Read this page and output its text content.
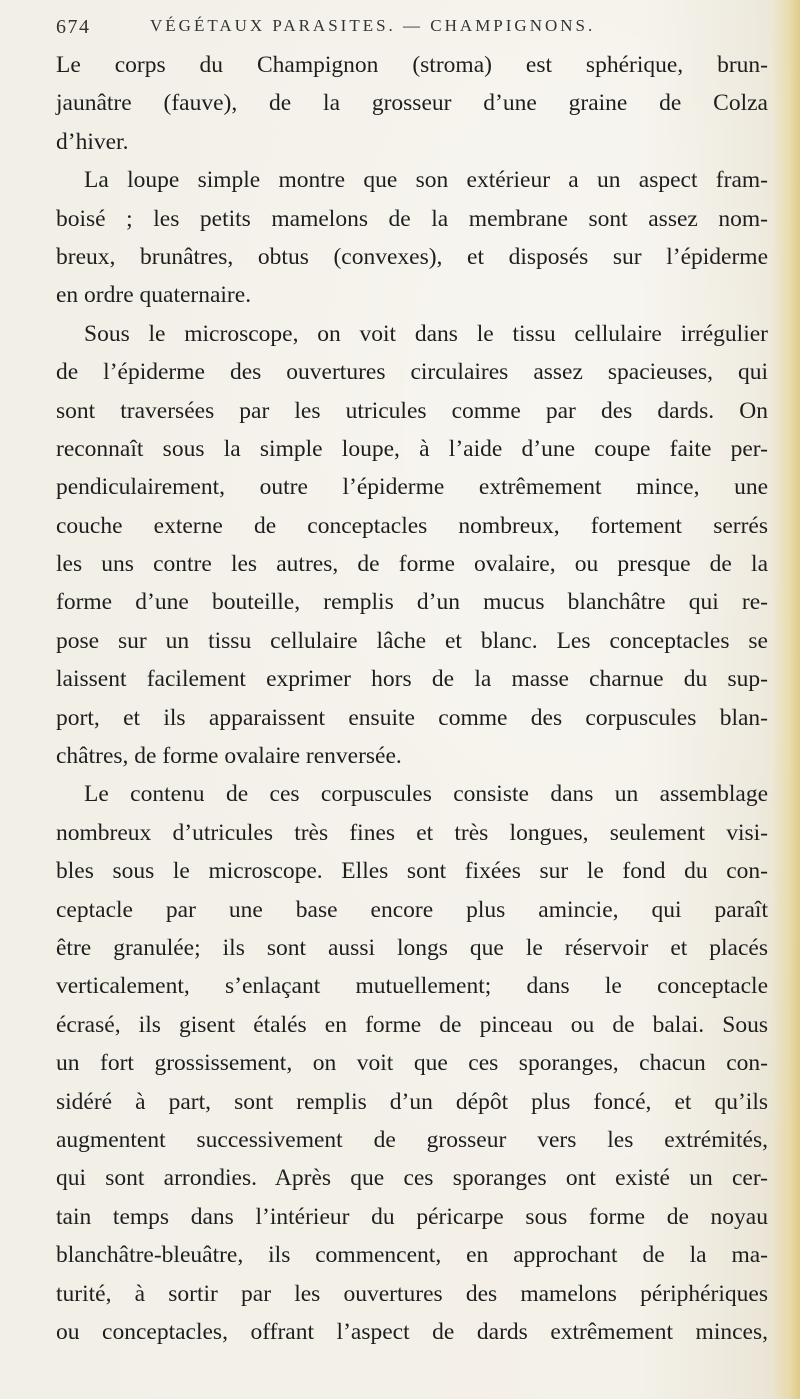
674	VÉGÉTAUX PARASITES. — CHAMPIGNONS.
Le corps du Champignon (stroma) est sphérique, brun-
jaunâtre (fauve), de la grosseur d’une graine de Colza
d’hiver.
La loupe simple montre que son extérieur a un aspect fram-
boisé ; les petits mamelons de la membrane sont assez nom-
breux, brunâtres, obtus (convexes), et disposés sur l’épiderme
en ordre quaternaire.
Sous le microscope, on voit dans le tissu cellulaire irrégulier
de l’épiderme des ouvertures circulaires assez spacieuses, qui
sont traversées par les utricules comme par des dards. On
reconnaît sous la simple loupe, à l’aide d’une coupe faite per-
pendiculairement, outre l’épiderme extrêmement mince, une
couche externe de conceptacles nombreux, fortement serrés
les uns contre les autres, de forme ovalaire, ou presque de la
forme d’une bouteille, remplis d’un mucus blanchâtre qui re-
pose sur un tissu cellulaire lâche et blanc. Les conceptacles se
laissent facilement exprimer hors de la masse charnue du sup-
port, et ils apparaissent ensuite comme des corpuscules blan-
châtres, de forme ovalaire renversée.
Le contenu de ces corpuscules consiste dans un assemblage
nombreux d’utricules très fines et très longues, seulement visi-
bles sous le microscope. Elles sont fixées sur le fond du con-
ceptacle par une base encore plus amincie, qui paraît
être granulée; ils sont aussi longs que le réservoir et placés
verticalement, s’enlaçant mutuellement; dans le conceptacle
écrasé, ils gisent étalés en forme de pinceau ou de balai. Sous
un fort grossissement, on voit que ces sporanges, chacun con-
sidéré à part, sont remplis d’un dépôt plus foncé, et qu’ils
augmentent successivement de grosseur vers les extrémités,
qui sont arrondies. Après que ces sporanges ont existé un cer-
tain temps dans l’intérieur du péricarpe sous forme de noyau
blanchâtre-bleuâtre, ils commencent, en approchant de la ma-
turité, à sortir par les ouvertures des mamelons périphériques
ou conceptacles, offrant l’aspect de dards extrêmement minces,
